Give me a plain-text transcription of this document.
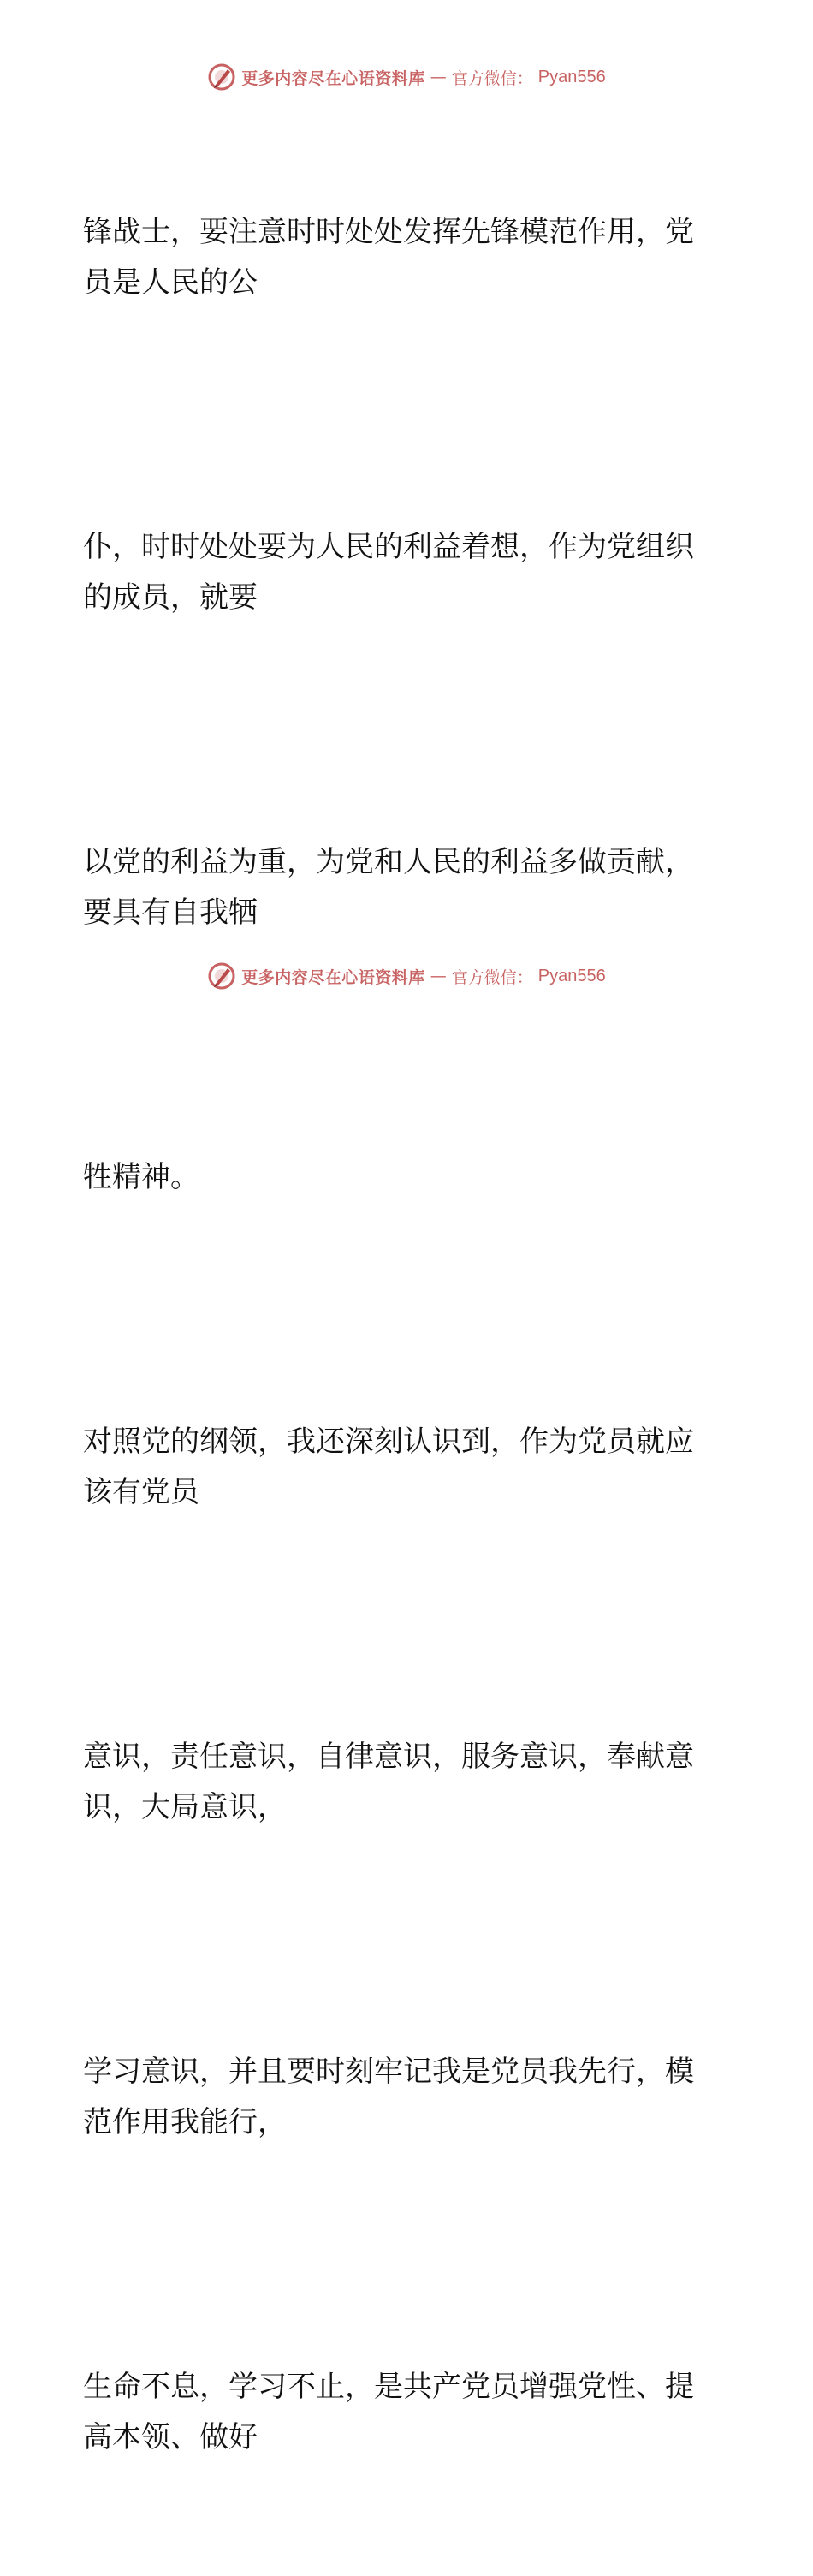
更多内容尽在心语资料库 — 官方微信： Pyan556

锋战士，要注意时时处处发挥先锋模范作用，党
员是人民的公

仆，时时处处要为人民的利益着想，作为党组织
的成员，就要

以党的利益为重，为党和人民的利益多做贡献，
要具有自我牺

牲精神。

对照党的纲领，我还深刻认识到，作为党员就应
该有党员

意识，责任意识，自律意识，服务意识，奉献意
识，大局意识，

学习意识，并且要时刻牢记我是党员我先行，模
范作用我能行，

生命不息，学习不止，是共产党员增强党性、提
高本领、做好

更多内容尽在心语资料库 — 官方微信： Pyan556
